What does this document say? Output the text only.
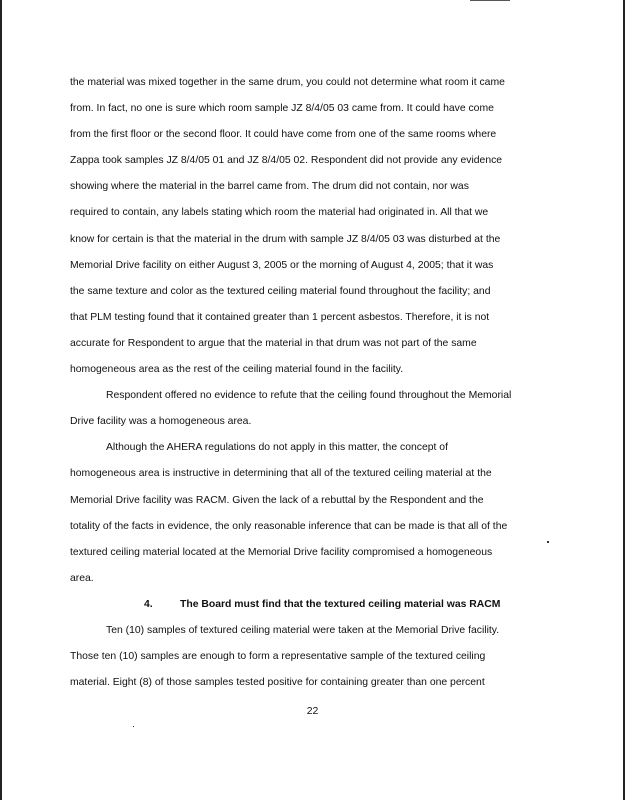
the material was mixed together in the same drum, you could not determine what room it came
from. In fact, no one is sure which room sample JZ 8/4/05 03 came from. It could have come
from the first floor or the second floor. It could have come from one of the same rooms where
Zappa took samples JZ 8/4/05 01 and JZ 8/4/05 02. Respondent did not provide any evidence
showing where the material in the barrel came from. The drum did not contain, nor was
required to contain, any labels stating which room the material had originated in. All that we
know for certain is that the material in the drum with sample JZ 8/4/05 03 was disturbed at the
Memorial Drive facility on either August 3, 2005 or the morning of August 4, 2005; that it was
the same texture and color as the textured ceiling material found throughout the facility; and
that PLM testing found that it contained greater than 1 percent asbestos. Therefore, it is not
accurate for Respondent to argue that the material in that drum was not part of the same
homogeneous area as the rest of the ceiling material found in the facility.

Respondent offered no evidence to refute that the ceiling found throughout the Memorial
Drive facility was a homogeneous area.

Although the AHERA regulations do not apply in this matter, the concept of
homogeneous area is instructive in determining that all of the textured ceiling material at the
Memorial Drive facility was RACM. Given the lack of a rebuttal by the Respondent and the
totality of the facts in evidence, the only reasonable inference that can be made is that all of the
textured ceiling material located at the Memorial Drive facility compromised a homogeneous
area.

4.	The Board must find that the textured ceiling material was RACM

Ten (10) samples of textured ceiling material were taken at the Memorial Drive facility.
Those ten (10) samples are enough to form a representative sample of the textured ceiling
material. Eight (8) of those samples tested positive for containing greater than one percent

22
